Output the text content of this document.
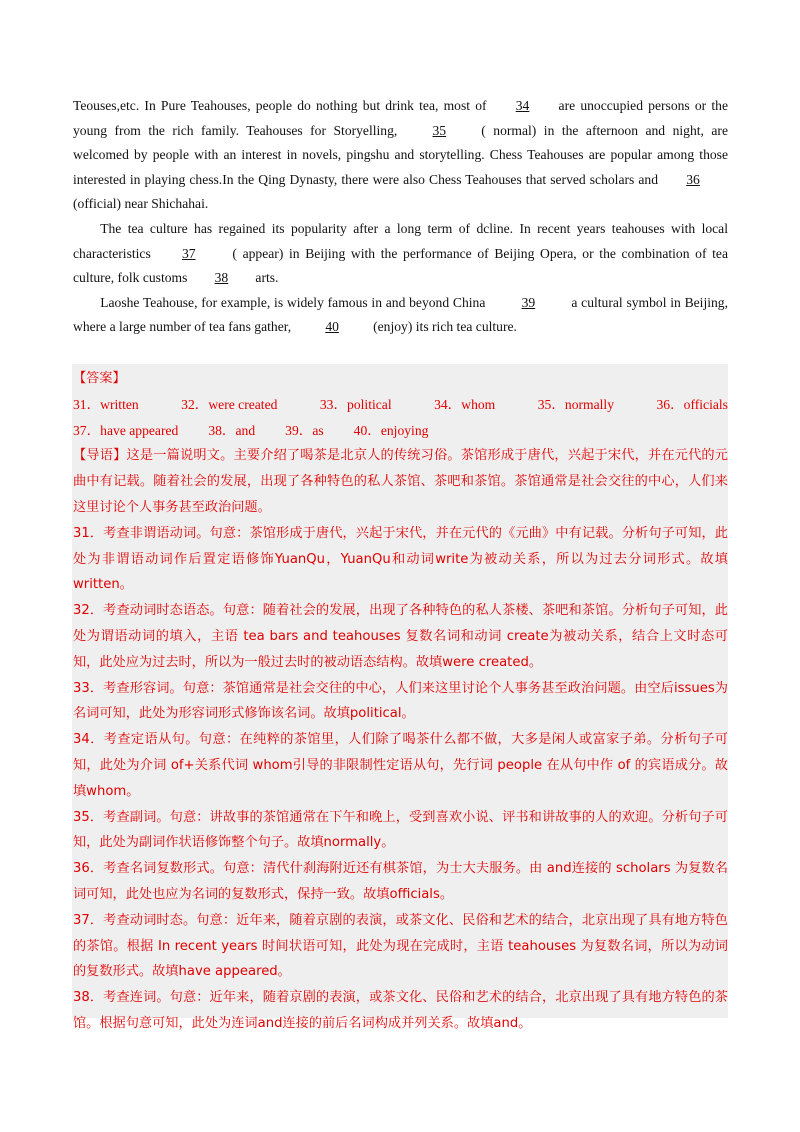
Teouses,etc. In Pure Teahouses, people do nothing but drink tea, most of 34 are unoccupied persons or the young from the rich family. Teahouses for Storyelling,	35	( normal) in the afternoon and night, are welcomed by people with an interest in novels, pingshu and storytelling. Chess Teahouses are popular among those interested in playing chess.In the Qing Dynasty, there were also Chess Teahouses that served scholars and 36(official) near Shichahai.

The tea culture has regained its popularity after a long term of dcline. In recent years teahouses with local characteristics 37 ( appear) in Beijing with the performance of Beijing Opera, or the combination of tea culture, folk customs 38 arts.

Laoshe Teahouse, for example, is widely famous in and beyond China	39	a cultural symbol in Beijing, where a large number of tea fans gather,	40	(enjoy) its rich tea culture.

【答案】

31．written	32．were created	33．political	34．whom	35．normally	36．officials
37．have appeared 38．and 39．as 40．enjoying

【导语】这是一篇说明文。主要介绍了喝茶是北京人的传统习俗。茶馆形成于唐代，兴起于宋代，并在元代的元曲中有记载。随着社会的发展，出现了各种特色的私人茶馆、茶吧和茶馆。茶馆通常是社会交往的中心，人们来这里讨论个人事务甚至政治问题。

31．考查非谓语动词。句意：茶馆形成于唐代，兴起于宋代，并在元代的《元曲》中有记载。分析句子可知，此处为非谓语动词作后置定语修饰YuanQu，YuanQu和动词write为被动关系，所以为过去分词形式。故填written。

32．考查动词时态语态。句意：随着社会的发展，出现了各种特色的私人茶楼、茶吧和茶馆。分析句子可知，此处为谓语动词的填入，主语 tea bars and teahouses 复数名词和动词 create为被动关系，结合上文时态可知，此处应为过去时，所以为一般过去时的被动语态结构。故填were created。

33．考查形容词。句意：茶馆通常是社会交往的中心，人们来这里讨论个人事务甚至政治问题。由空后issues为名词可知，此处为形容词形式修饰该名词。故填political。

34．考查定语从句。句意：在纯粹的茶馆里，人们除了喝茶什么都不做，大多是闲人或富家子弟。分析句子可知，此处为介词 of+关系代词 whom引导的非限制性定语从句，先行词 people 在从句中作 of 的宾语成分。故填whom。

35．考查副词。句意：讲故事的茶馆通常在下午和晚上，受到喜欢小说、评书和讲故事的人的欢迎。分析句子可知，此处为副词作状语修饰整个句子。故填normally。

36．考查名词复数形式。句意：清代什刹海附近还有棋茶馆，为士大夫服务。由 and连接的 scholars 为复数名词可知，此处也应为名词的复数形式，保持一致。故填officials。

37．考查动词时态。句意：近年来，随着京剧的表演，或茶文化、民俗和艺术的结合，北京出现了具有地方特色的茶馆。根据 In recent years 时间状语可知，此处为现在完成时，主语 teahouses 为复数名词，所以为动词的复数形式。故填have appeared。

38．考查连词。句意：近年来，随着京剧的表演，或茶文化、民俗和艺术的结合，北京出现了具有地方特色的茶馆。根据句意可知，此处为连词and连接的前后名词构成并列关系。故填and。
